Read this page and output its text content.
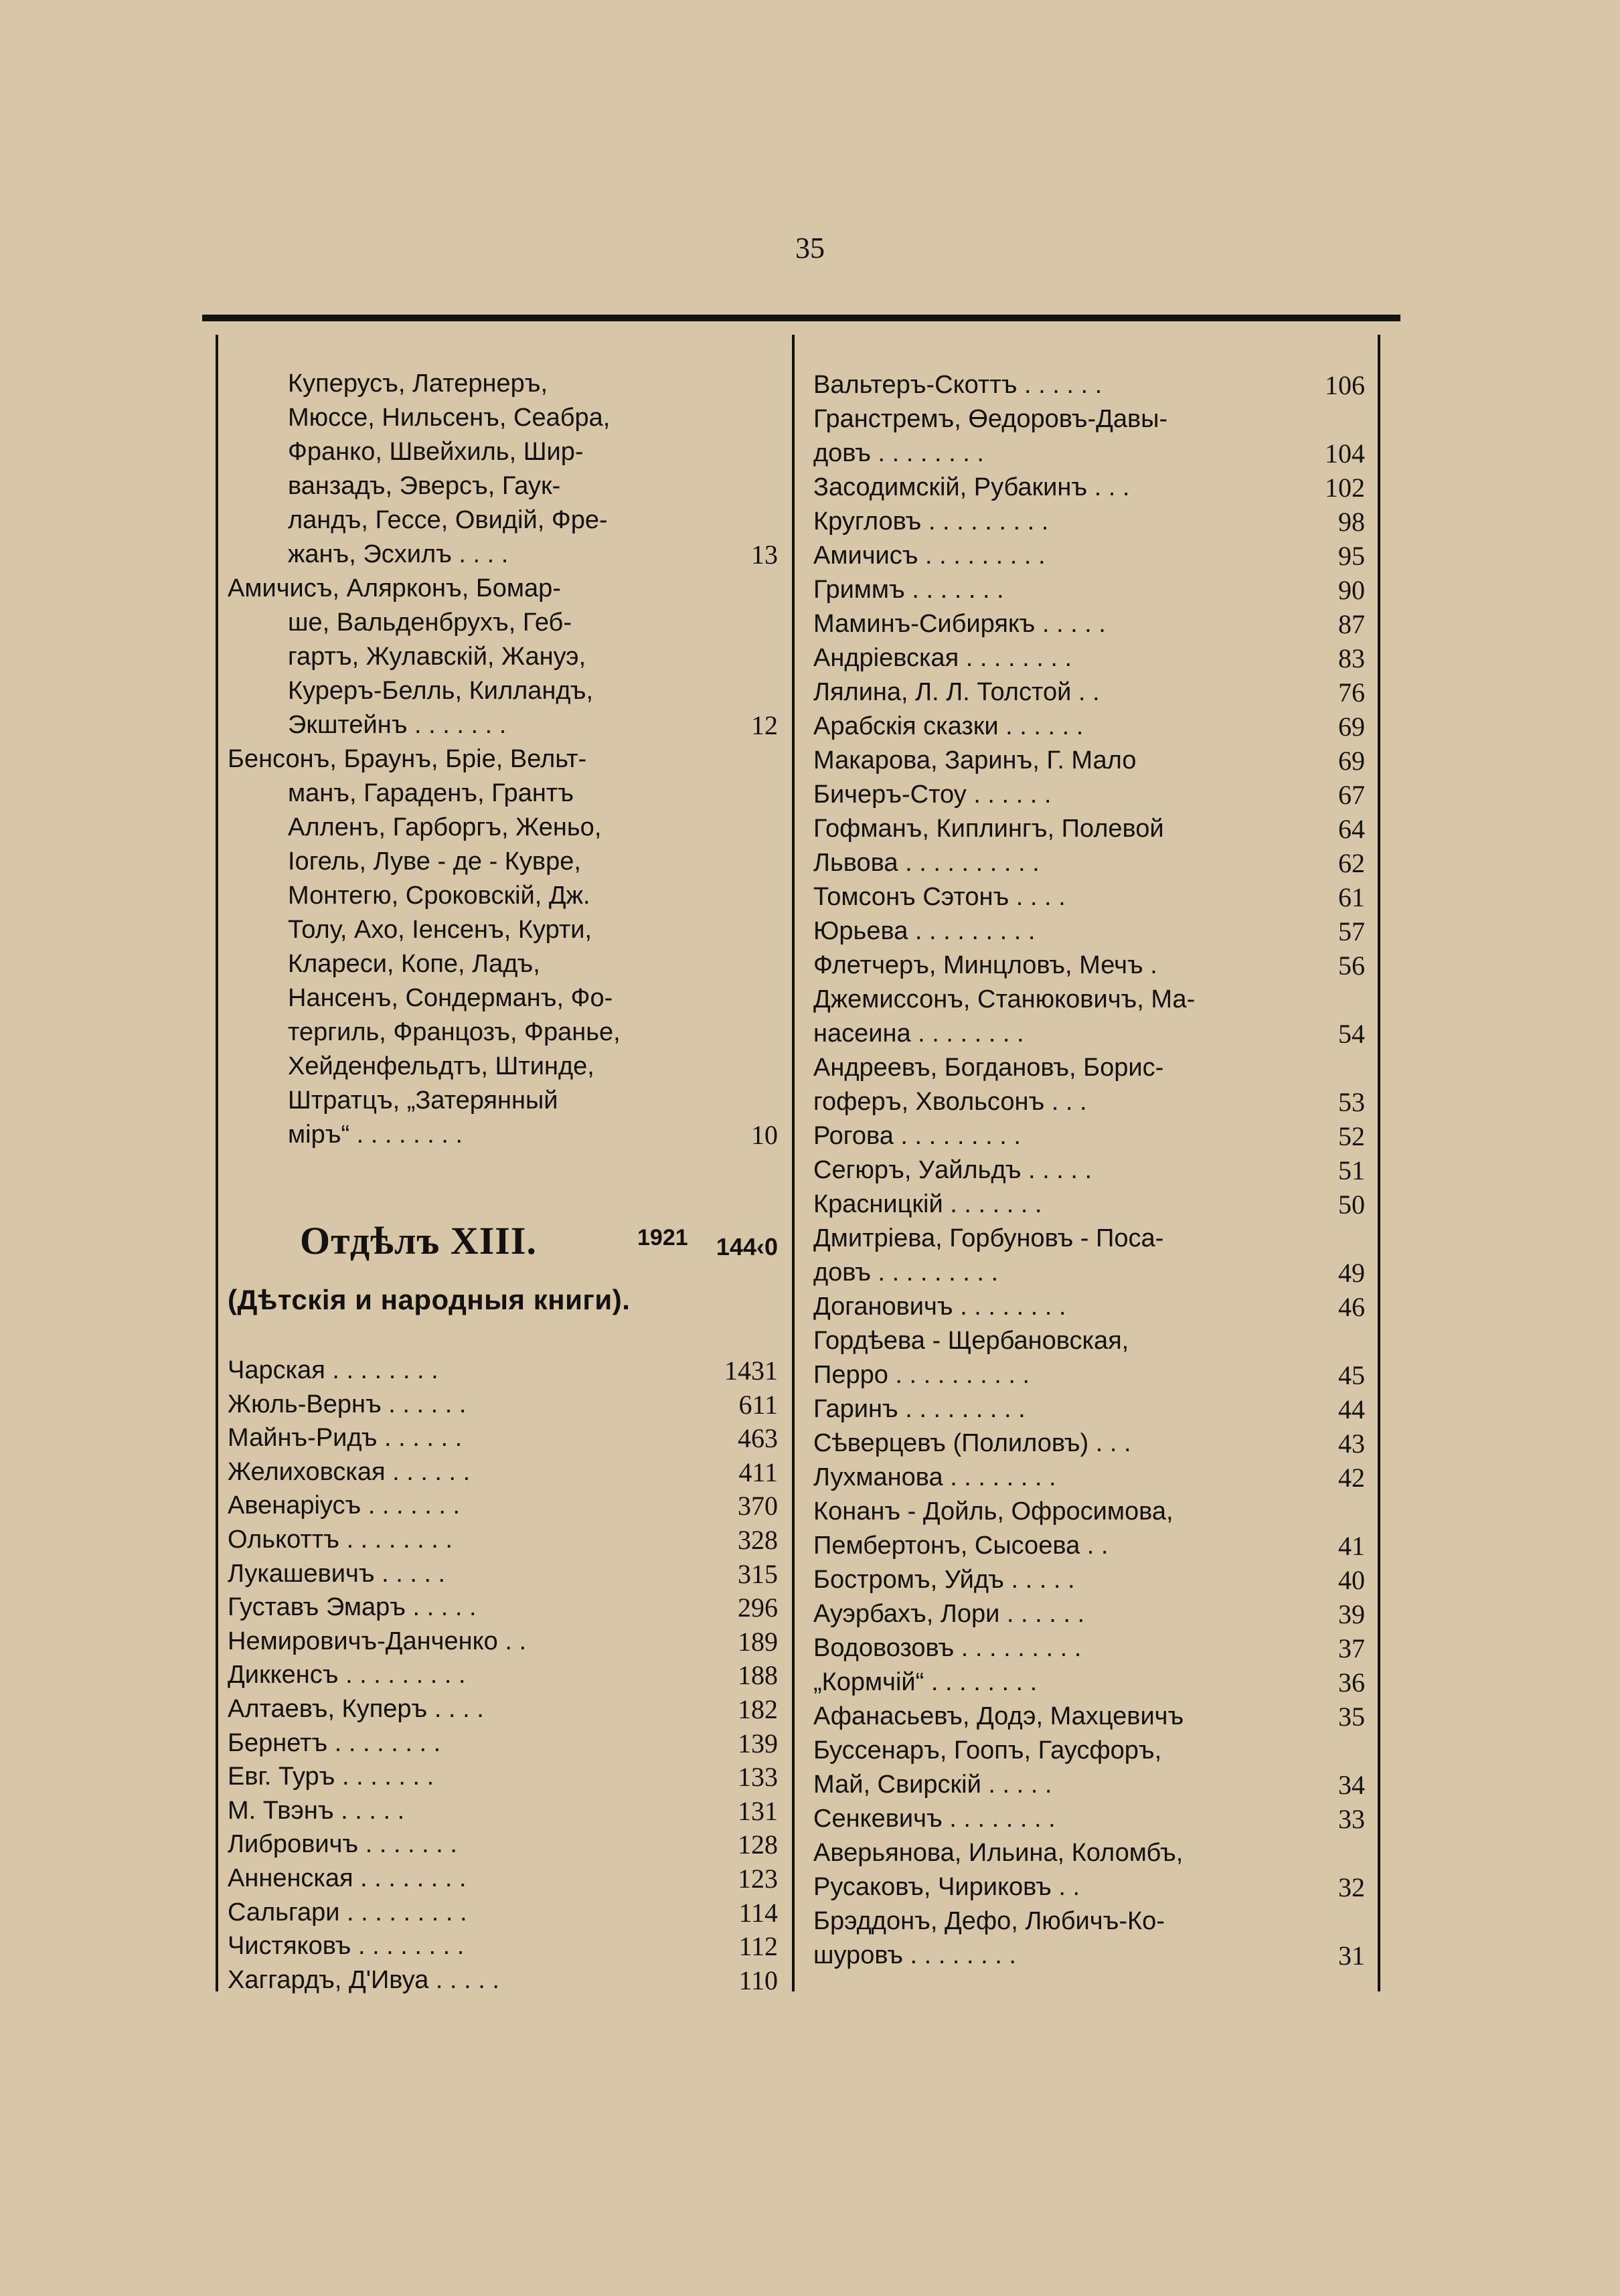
35
Отдѣлъ XIII.	1921 144‹0
(Дѣтскія и народныя книги).
Куперусъ, Латернеръ,
Мюссе, Нильсенъ, Сеабра,
Франко, Швейхиль, Шир-
ванзадъ, Эверсъ, Гаук-
ландъ, Гессе, Овидій, Фре-
жанъ, Эсхилъ . . . .	13
Амичисъ, Алярконъ, Бомар-
ше, Вальденбрухъ, Геб-
гартъ, Жулавскій, Жануэ,
Куреръ-Белль, Килландъ,
Экштейнъ . . . . . . .	12
Бенсонъ, Браунъ, Бріе, Вельт-
манъ, Гараденъ, Грантъ
Алленъ, Гарборгъ, Женьо,
Іогель, Луве - де - Кувре,
Монтегю, Сроковскій, Дж.
Толу, Ахо, Іенсенъ, Курти,
Клареси, Копе, Ладъ,
Нансенъ, Сондерманъ, Фо-
тергиль, Францозъ, Франье,
Хейденфельдтъ, Штинде,
Штратцъ, „Затерянный
міръ“ . . . . . . . .	10
Чарская . . . . . . . .	1431
Жюль-Вернъ . . . . . .	611
Майнъ-Ридъ . . . . . .	463
Желиховская . . . . . .	411
Авенаріусъ . . . . . . .	370
Олькоттъ . . . . . . . .	328
Лукашевичъ . . . . .	315
Густавъ Эмаръ . . . . .	296
Немировичъ-Данченко . .	189
Диккенсъ . . . . . . . . .	188
Алтаевъ, Куперъ . . . .	182
Бернетъ . . . . . . . .	139
Евг. Туръ . . . . . . .	133
М. Твэнъ . . . . .	131
Либровичъ . . . . . . .	128
Анненская . . . . . . . .	123
Сальгари . . . . . . . . .	114
Чистяковъ . . . . . . . .	112
Хаггардъ, Д'Ивуа . . . . .	110
Вальтеръ-Скоттъ . . . . . .	106
Гранстремъ, Өедоровъ-Давы-
довъ . . . . . . . .	104
Засодимскій, Рубакинъ . . .	102
Кругловъ . . . . . . . . .	98
Амичисъ . . . . . . . . .	95
Гриммъ . . . . . . .	90
Маминъ-Сибирякъ . . . . .	87
Андріевская . . . . . . . .	83
Лялина, Л. Л. Толстой . .	76
Арабскія сказки . . . . . .	69
Макарова, Заринъ, Г. Мало	69
Бичеръ-Стоу . . . . . .	67
Гофманъ, Киплингъ, Полевой	64
Львова . . . . . . . . . .	62
Томсонъ Сэтонъ . . . .	61
Юрьева . . . . . . . . .	57
Флетчеръ, Минцловъ, Мечъ .	56
Джемиссонъ, Станюковичъ, Ма-
насеина . . . . . . . .	54
Андреевъ, Богдановъ, Борис-
гоферъ, Хвольсонъ . . .	53
Рогова . . . . . . . . .	52
Сегюръ, Уайльдъ . . . . .	51
Красницкій . . . . . . .	50
Дмитріева, Горбуновъ - Поса-
довъ . . . . . . . . .	49
Догановичъ . . . . . . . .	46
Гордѣева - Щербановская,
Перро . . . . . . . . . .	45
Гаринъ . . . . . . . . .	44
Сѣверцевъ (Полиловъ) . . .	43
Лухманова . . . . . . . .	42
Конанъ - Дойль, Офросимова,
Пембертонъ, Сысоева . .	41
Бостромъ, Уйдъ . . . . .	40
Ауэрбахъ, Лори . . . . . .	39
Водовозовъ . . . . . . . . .	37
„Кормчій“ . . . . . . . .	36
Афанасьевъ, Додэ, Махцевичъ	35
Буссенаръ, Гоопъ, Гаусфоръ,
Май, Свирскій . . . . .	34
Сенкевичъ . . . . . . . .	33
Аверьянова, Ильина, Коломбъ,
Русаковъ, Чириковъ . .	32
Брэддонъ, Дефо, Любичъ-Ко-
шуровъ . . . . . . . .	31
